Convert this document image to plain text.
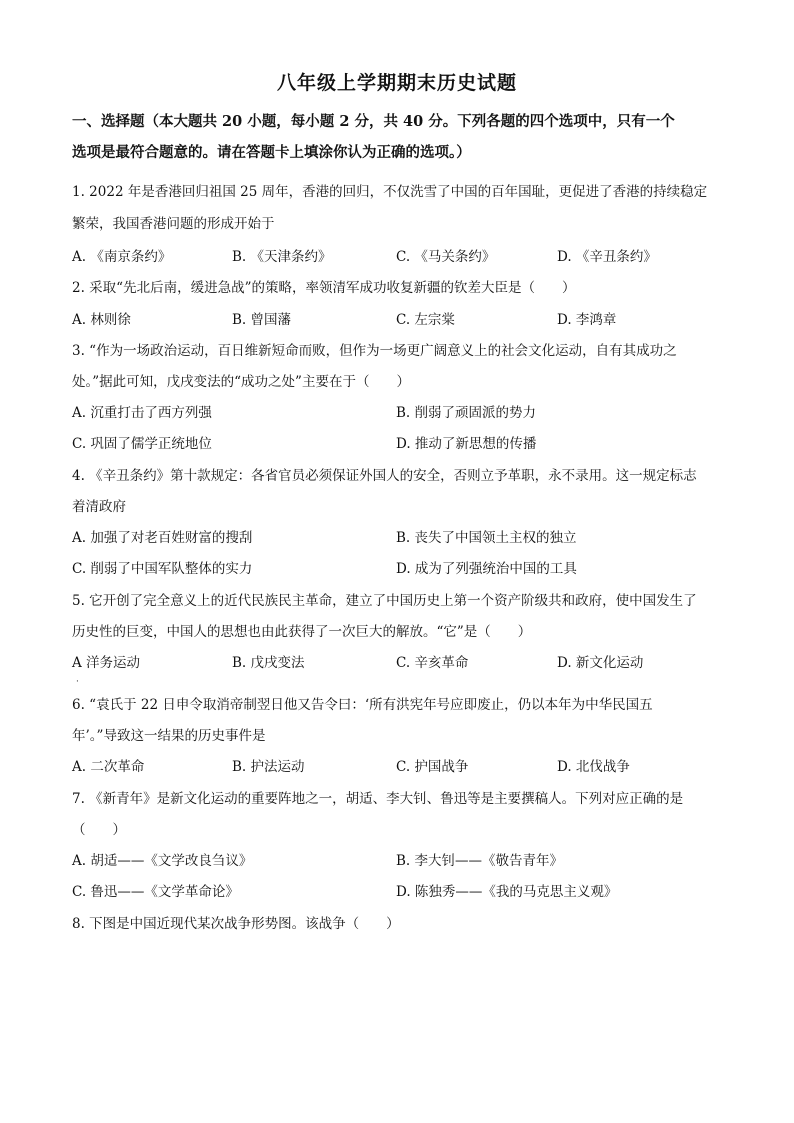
八年级上学期期末历史试题
一、选择题（本大题共 20 小题，每小题 2 分，共 40 分。下列各题的四个选项中，只有一个
选项是最符合题意的。请在答题卡上填涂你认为正确的选项。）
1. 2022 年是香港回归祖国 25 周年，香港的回归，不仅洗雪了中国的百年国耻，更促进了香港的持续稳定
繁荣，我国香港问题的形成开始于
A. 《南京条约》	B. 《天津条约》	C. 《马关条约》	D. 《辛丑条约》
2. 采取“先北后南，缓进急战”的策略，率领清军成功收复新疆的钦差大臣是（　　）
A. 林则徐	B. 曾国藩	C. 左宗棠	D. 李鸿章
3. “作为一场政治运动，百日维新短命而败，但作为一场更广阔意义上的社会文化运动，自有其成功之
处。”据此可知，戊戌变法的“成功之处”主要在于（　　）
A. 沉重打击了西方列强	B. 削弱了顽固派的势力
C. 巩固了儒学正统地位	D. 推动了新思想的传播
4. 《辛丑条约》第十款规定：各省官员必须保证外国人的安全，否则立予革职，永不录用。这一规定标志
着清政府
A. 加强了对老百姓财富的搜刮	B. 丧失了中国领土主权的独立
C. 削弱了中国军队整体的实力	D. 成为了列强统治中国的工具
5. 它开创了完全意义上的近代民族民主革命，建立了中国历史上第一个资产阶级共和政府，使中国发生了
历史性的巨变，中国人的思想也由此获得了一次巨大的解放。“它”是（　　）
A 洋务运动	B. 戊戌变法	C. 辛亥革命	D. 新文化运动
·
6. “袁氏于 22 日申令取消帝制翌日他又告令曰：‘所有洪宪年号应即废止，仍以本年为中华民国五
年’。”导致这一结果的历史事件是
A. 二次革命	B. 护法运动	C. 护国战争	D. 北伐战争
7. 《新青年》是新文化运动的重要阵地之一，胡适、李大钊、鲁迅等是主要撰稿人。下列对应正确的是
（　　）
A. 胡适——《文学改良刍议》	B. 李大钊——《敬告青年》
C. 鲁迅——《文学革命论》	D. 陈独秀——《我的马克思主义观》
8. 下图是中国近现代某次战争形势图。该战争（　　）
